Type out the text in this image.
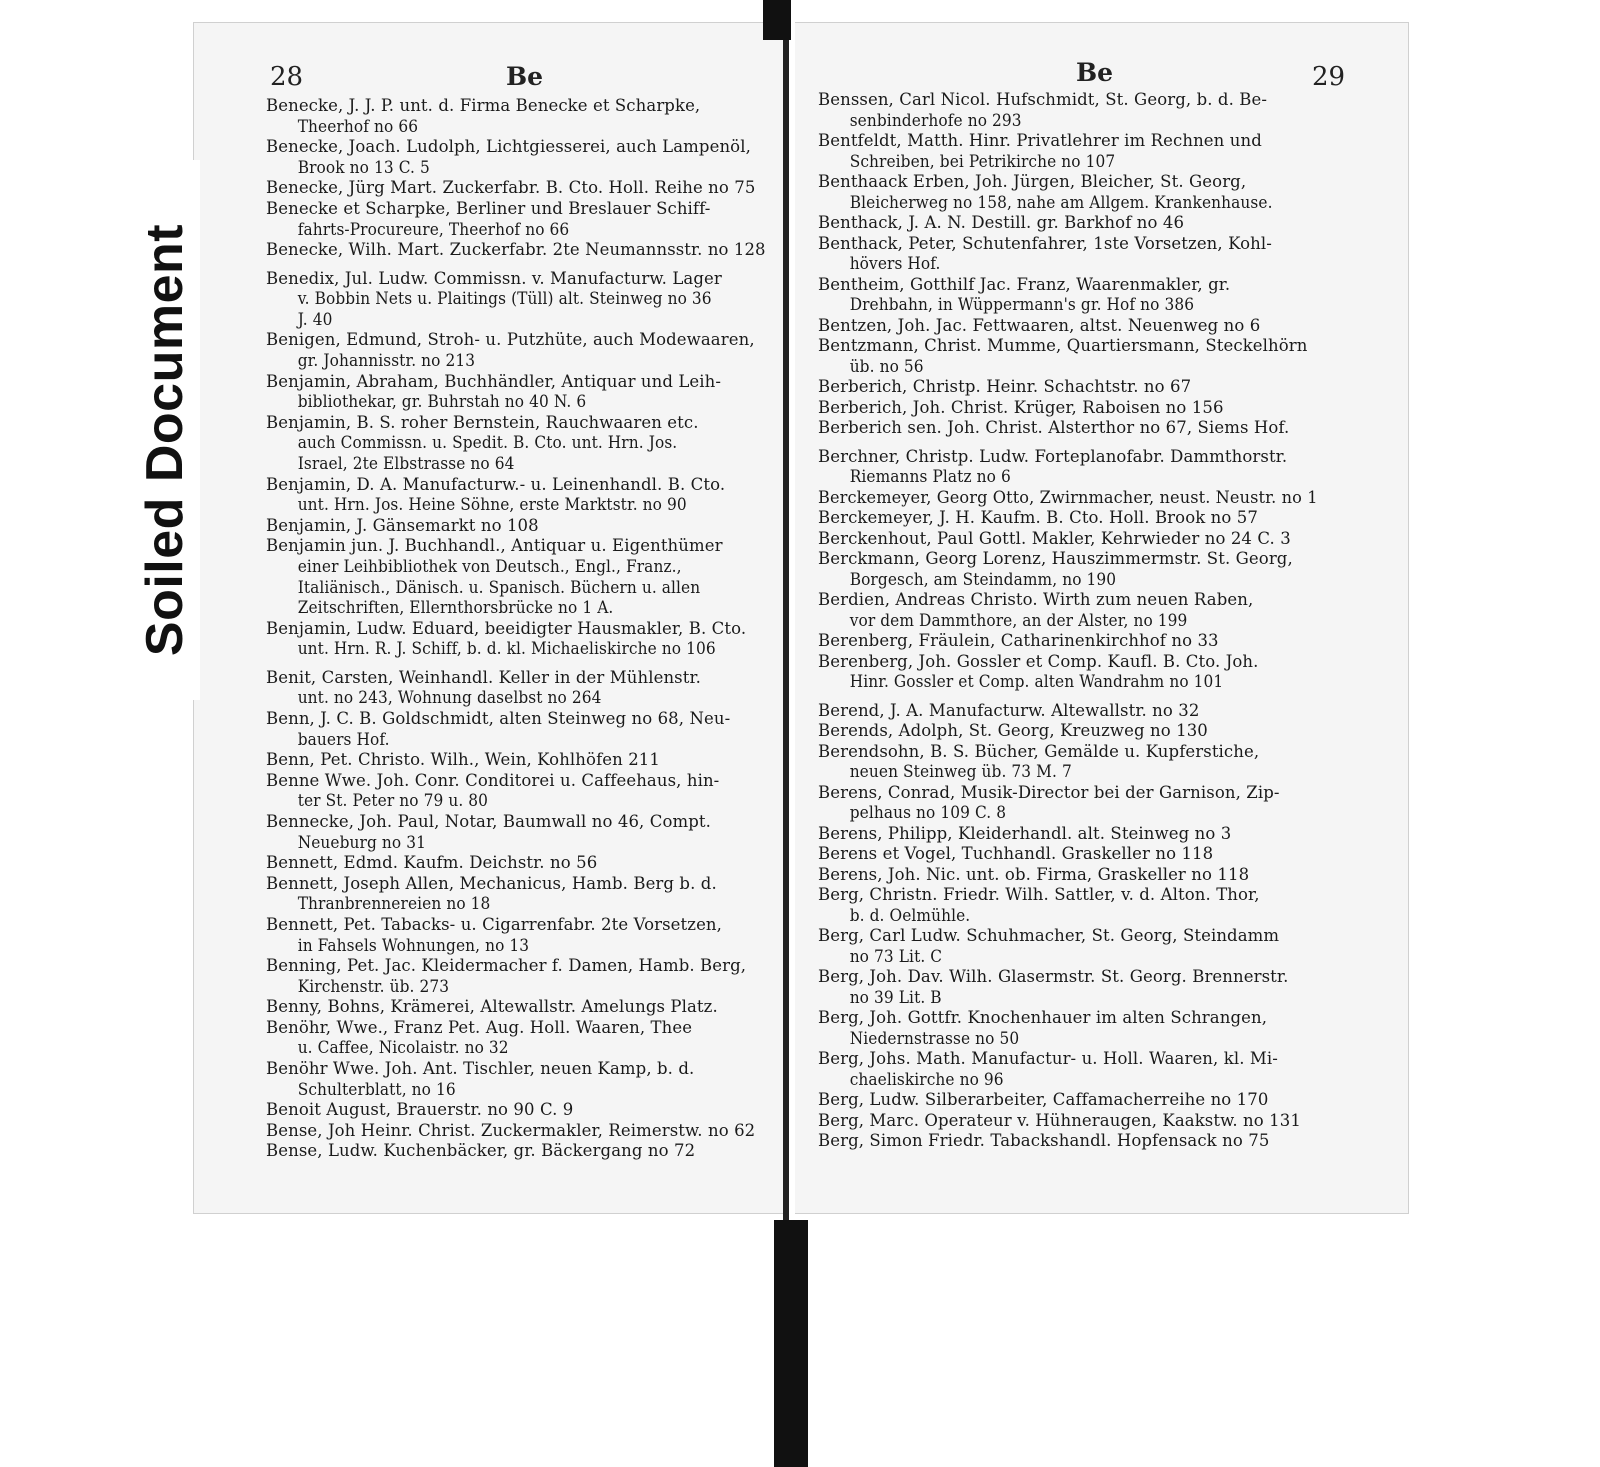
Soiled Document
28	Be	Be	29
Benecke, J. J. P. unt. d. Firma Benecke et Scharpke,
Theerhof no 66
Benecke, Joach. Ludolph, Lichtgiesserei, auch Lampenöl,
Brook no 13 C. 5
Benecke, Jürg Mart. Zuckerfabr. B. Cto. Holl. Reihe no 75
Benecke et Scharpke, Berliner und Breslauer Schiff-
fahrts-Procureure, Theerhof no 66
Benecke, Wilh. Mart. Zuckerfabr. 2te Neumannsstr. no 128
Benedix, Jul. Ludw. Commissn. v. Manufacturw. Lager
v. Bobbin Nets u. Plaitings (Tüll) alt. Steinweg no 36
J. 40
Benigen, Edmund, Stroh- u. Putzhüte, auch Modewaaren,
gr. Johannisstr. no 213
Benjamin, Abraham, Buchhändler, Antiquar und Leih-
bibliothekar, gr. Buhrstah no 40 N. 6
Benjamin, B. S. roher Bernstein, Rauchwaaren etc.
auch Commissn. u. Spedit. B. Cto. unt. Hrn. Jos.
Israel, 2te Elbstrasse no 64
Benjamin, D. A. Manufacturw.- u. Leinenhandl. B. Cto.
unt. Hrn. Jos. Heine Söhne, erste Marktstr. no 90
Benjamin, J. Gänsemarkt no 108
Benjamin jun. J. Buchhandl., Antiquar u. Eigenthümer
einer Leihbibliothek von Deutsch., Engl., Franz.,
Italiänisch., Dänisch. u. Spanisch. Büchern u. allen
Zeitschriften, Ellernthorsbrücke no 1 A.
Benjamin, Ludw. Eduard, beeidigter Hausmakler, B. Cto.
unt. Hrn. R. J. Schiff, b. d. kl. Michaeliskirche no 106
Benit, Carsten, Weinhandl. Keller in der Mühlenstr.
unt. no 243, Wohnung daselbst no 264
Benn, J. C. B. Goldschmidt, alten Steinweg no 68, Neu-
bauers Hof.
Benn, Pet. Christo. Wilh., Wein, Kohlhöfen 211
Benne Wwe. Joh. Conr. Conditorei u. Caffeehaus, hin-
ter St. Peter no 79 u. 80
Bennecke, Joh. Paul, Notar, Baumwall no 46, Compt.
Neueburg no 31
Bennett, Edmd. Kaufm. Deichstr. no 56
Bennett, Joseph Allen, Mechanicus, Hamb. Berg b. d.
Thranbrennereien no 18
Bennett, Pet. Tabacks- u. Cigarrenfabr. 2te Vorsetzen,
in Fahsels Wohnungen, no 13
Benning, Pet. Jac. Kleidermacher f. Damen, Hamb. Berg,
Kirchenstr. üb. 273
Benny, Bohns, Krämerei, Altewallstr. Amelungs Platz.
Benöhr, Wwe., Franz Pet. Aug. Holl. Waaren, Thee
u. Caffee, Nicolaistr. no 32
Benöhr Wwe. Joh. Ant. Tischler, neuen Kamp, b. d.
Schulterblatt, no 16
Benoit August, Brauerstr. no 90 C. 9
Bense, Joh Heinr. Christ. Zuckermakler, Reimerstw. no 62
Bense, Ludw. Kuchenbäcker, gr. Bäckergang no 72
Benssen, Carl Nicol. Hufschmidt, St. Georg, b. d. Be-
senbinderhofe no 293
Bentfeldt, Matth. Hinr. Privatlehrer im Rechnen und
Schreiben, bei Petrikirche no 107
Benthaack Erben, Joh. Jürgen, Bleicher, St. Georg,
Bleicherweg no 158, nahe am Allgem. Krankenhause.
Benthack, J. A. N. Destill. gr. Barkhof no 46
Benthack, Peter, Schutenfahrer, 1ste Vorsetzen, Kohl-
hövers Hof.
Bentheim, Gotthilf Jac. Franz, Waarenmakler, gr.
Drehbahn, in Wüppermann's gr. Hof no 386
Bentzen, Joh. Jac. Fettwaaren, altst. Neuenweg no 6
Bentzmann, Christ. Mumme, Quartiersmann, Steckelhörn
üb. no 56
Berberich, Christp. Heinr. Schachtstr. no 67
Berberich, Joh. Christ. Krüger, Raboisen no 156
Berberich sen. Joh. Christ. Alsterthor no 67, Siems Hof.
Berchner, Christp. Ludw. Forteplanofabr. Dammthorstr.
Riemanns Platz no 6
Berckemeyer, Georg Otto, Zwirnmacher, neust. Neustr. no 1
Berckemeyer, J. H. Kaufm. B. Cto. Holl. Brook no 57
Berckenhout, Paul Gottl. Makler, Kehrwieder no 24 C. 3
Berckmann, Georg Lorenz, Hauszimmermstr. St. Georg,
Borgesch, am Steindamm, no 190
Berdien, Andreas Christo. Wirth zum neuen Raben,
vor dem Dammthore, an der Alster, no 199
Berenberg, Fräulein, Catharinenkirchhof no 33
Berenberg, Joh. Gossler et Comp. Kaufl. B. Cto. Joh.
Hinr. Gossler et Comp. alten Wandrahm no 101
Berend, J. A. Manufacturw. Altewallstr. no 32
Berends, Adolph, St. Georg, Kreuzweg no 130
Berendsohn, B. S. Bücher, Gemälde u. Kupferstiche,
neuen Steinweg üb. 73 M. 7
Berens, Conrad, Musik-Director bei der Garnison, Zip-
pelhaus no 109 C. 8
Berens, Philipp, Kleiderhandl. alt. Steinweg no 3
Berens et Vogel, Tuchhandl. Graskeller no 118
Berens, Joh. Nic. unt. ob. Firma, Graskeller no 118
Berg, Christn. Friedr. Wilh. Sattler, v. d. Alton. Thor,
b. d. Oelmühle.
Berg, Carl Ludw. Schuhmacher, St. Georg, Steindamm
no 73 Lit. C
Berg, Joh. Dav. Wilh. Glasermstr. St. Georg. Brennerstr.
no 39 Lit. B
Berg, Joh. Gottfr. Knochenhauer im alten Schrangen,
Niedernstrasse no 50
Berg, Johs. Math. Manufactur- u. Holl. Waaren, kl. Mi-
chaeliskirche no 96
Berg, Ludw. Silberarbeiter, Caffamacherreihe no 170
Berg, Marc. Operateur v. Hühneraugen, Kaakstw. no 131
Berg, Simon Friedr. Tabackshandl. Hopfensack no 75
